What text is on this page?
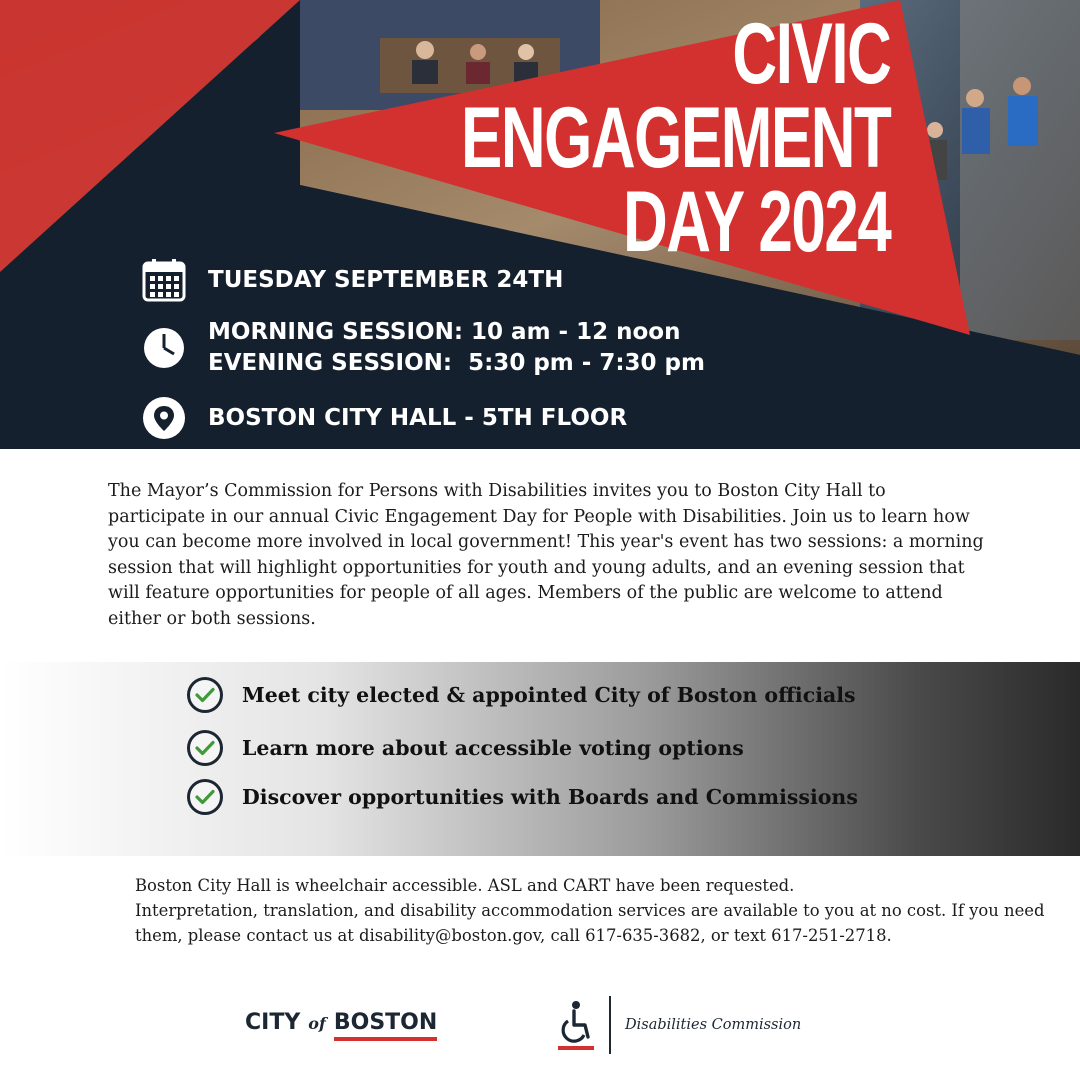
CIVIC
ENGAGEMENT
DAY 2024
TUESDAY SEPTEMBER 24TH
MORNING SESSION: 10 am - 12 noon
EVENING SESSION:  5:30 pm - 7:30 pm
BOSTON CITY HALL - 5TH FLOOR

The Mayor’s Commission for Persons with Disabilities invites you to Boston City Hall to participate in our annual Civic Engagement Day for People with Disabilities. Join us to learn how you can become more involved in local government! This year's event has two sessions: a morning session that will highlight opportunities for youth and young adults, and an evening session that will feature opportunities for people of all ages. Members of the public are welcome to attend either or both sessions.

Meet city elected & appointed City of Boston officials
Learn more about accessible voting options
Discover opportunities with Boards and Commissions

Boston City Hall is wheelchair accessible. ASL and CART have been requested.

Interpretation, translation, and disability accommodation services are available to you at no cost. If you need them, please contact us at disability@boston.gov, call 617-635-3682, or text 617-251-2718.

CITY of BOSTON	Disabilities Commission
